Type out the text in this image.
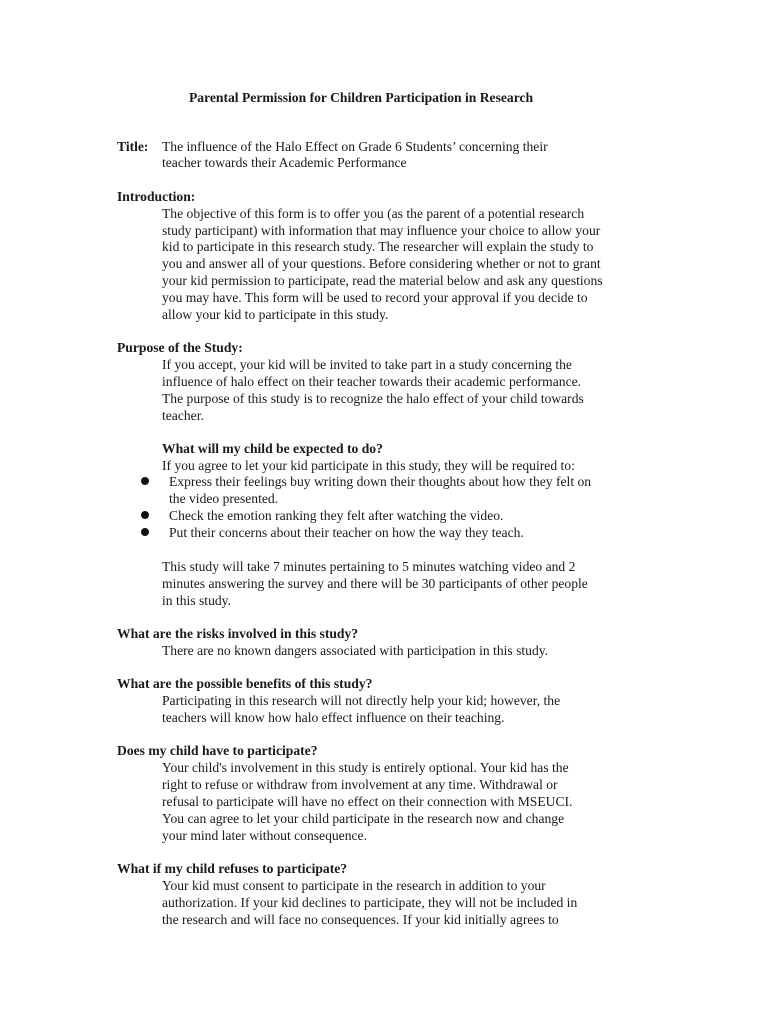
Parental Permission for Children Participation in Research
Title: The influence of the Halo Effect on Grade 6 Students’ concerning their
teacher towards their Academic Performance
Introduction:
The objective of this form is to offer you (as the parent of a potential research
study participant) with information that may influence your choice to allow your
kid to participate in this research study. The researcher will explain the study to
you and answer all of your questions. Before considering whether or not to grant
your kid permission to participate, read the material below and ask any questions
you may have. This form will be used to record your approval if you decide to
allow your kid to participate in this study.
Purpose of the Study:
If you accept, your kid will be invited to take part in a study concerning the
influence of halo effect on their teacher towards their academic performance.
The purpose of this study is to recognize the halo effect of your child towards
teacher.
What will my child be expected to do?
If you agree to let your kid participate in this study, they will be required to:
Express their feelings buy writing down their thoughts about how they felt on
the video presented.
Check the emotion ranking they felt after watching the video.
Put their concerns about their teacher on how the way they teach.
This study will take 7 minutes pertaining to 5 minutes watching video and 2
minutes answering the survey and there will be 30 participants of other people
in this study.
What are the risks involved in this study?
There are no known dangers associated with participation in this study.
What are the possible benefits of this study?
Participating in this research will not directly help your kid; however, the
teachers will know how halo effect influence on their teaching.
Does my child have to participate?
Your child's involvement in this study is entirely optional. Your kid has the
right to refuse or withdraw from involvement at any time. Withdrawal or
refusal to participate will have no effect on their connection with MSEUCI.
You can agree to let your child participate in the research now and change
your mind later without consequence.
What if my child refuses to participate?
Your kid must consent to participate in the research in addition to your
authorization. If your kid declines to participate, they will not be included in
the research and will face no consequences. If your kid initially agrees to
